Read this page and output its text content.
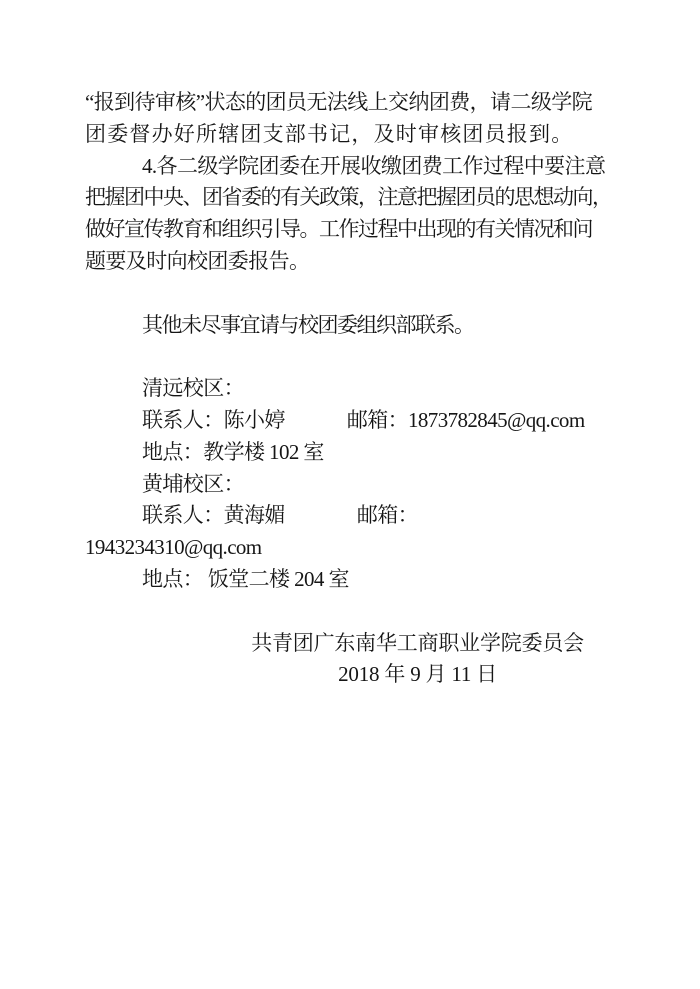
“报到待审核”状态的团员无法线上交纳团费，请二级学院
团委督办好所辖团支部书记，及时审核团员报到。
4.各二级学院团委在开展收缴团费工作过程中要注意
把握团中央、团省委的有关政策，注意把握团员的思想动向，
做好宣传教育和组织引导。工作过程中出现的有关情况和问
题要及时向校团委报告。
其他未尽事宜请与校团委组织部联系。
清远校区：
联系人：陈小婷	邮箱：1873782845@qq.com
地点：教学楼 102 室
黄埔校区：
联系人：黄海媚	邮箱：
1943234310@qq.com
地点： 饭堂二楼 204 室
共青团广东南华工商职业学院委员会
2018 年 9 月 11 日
